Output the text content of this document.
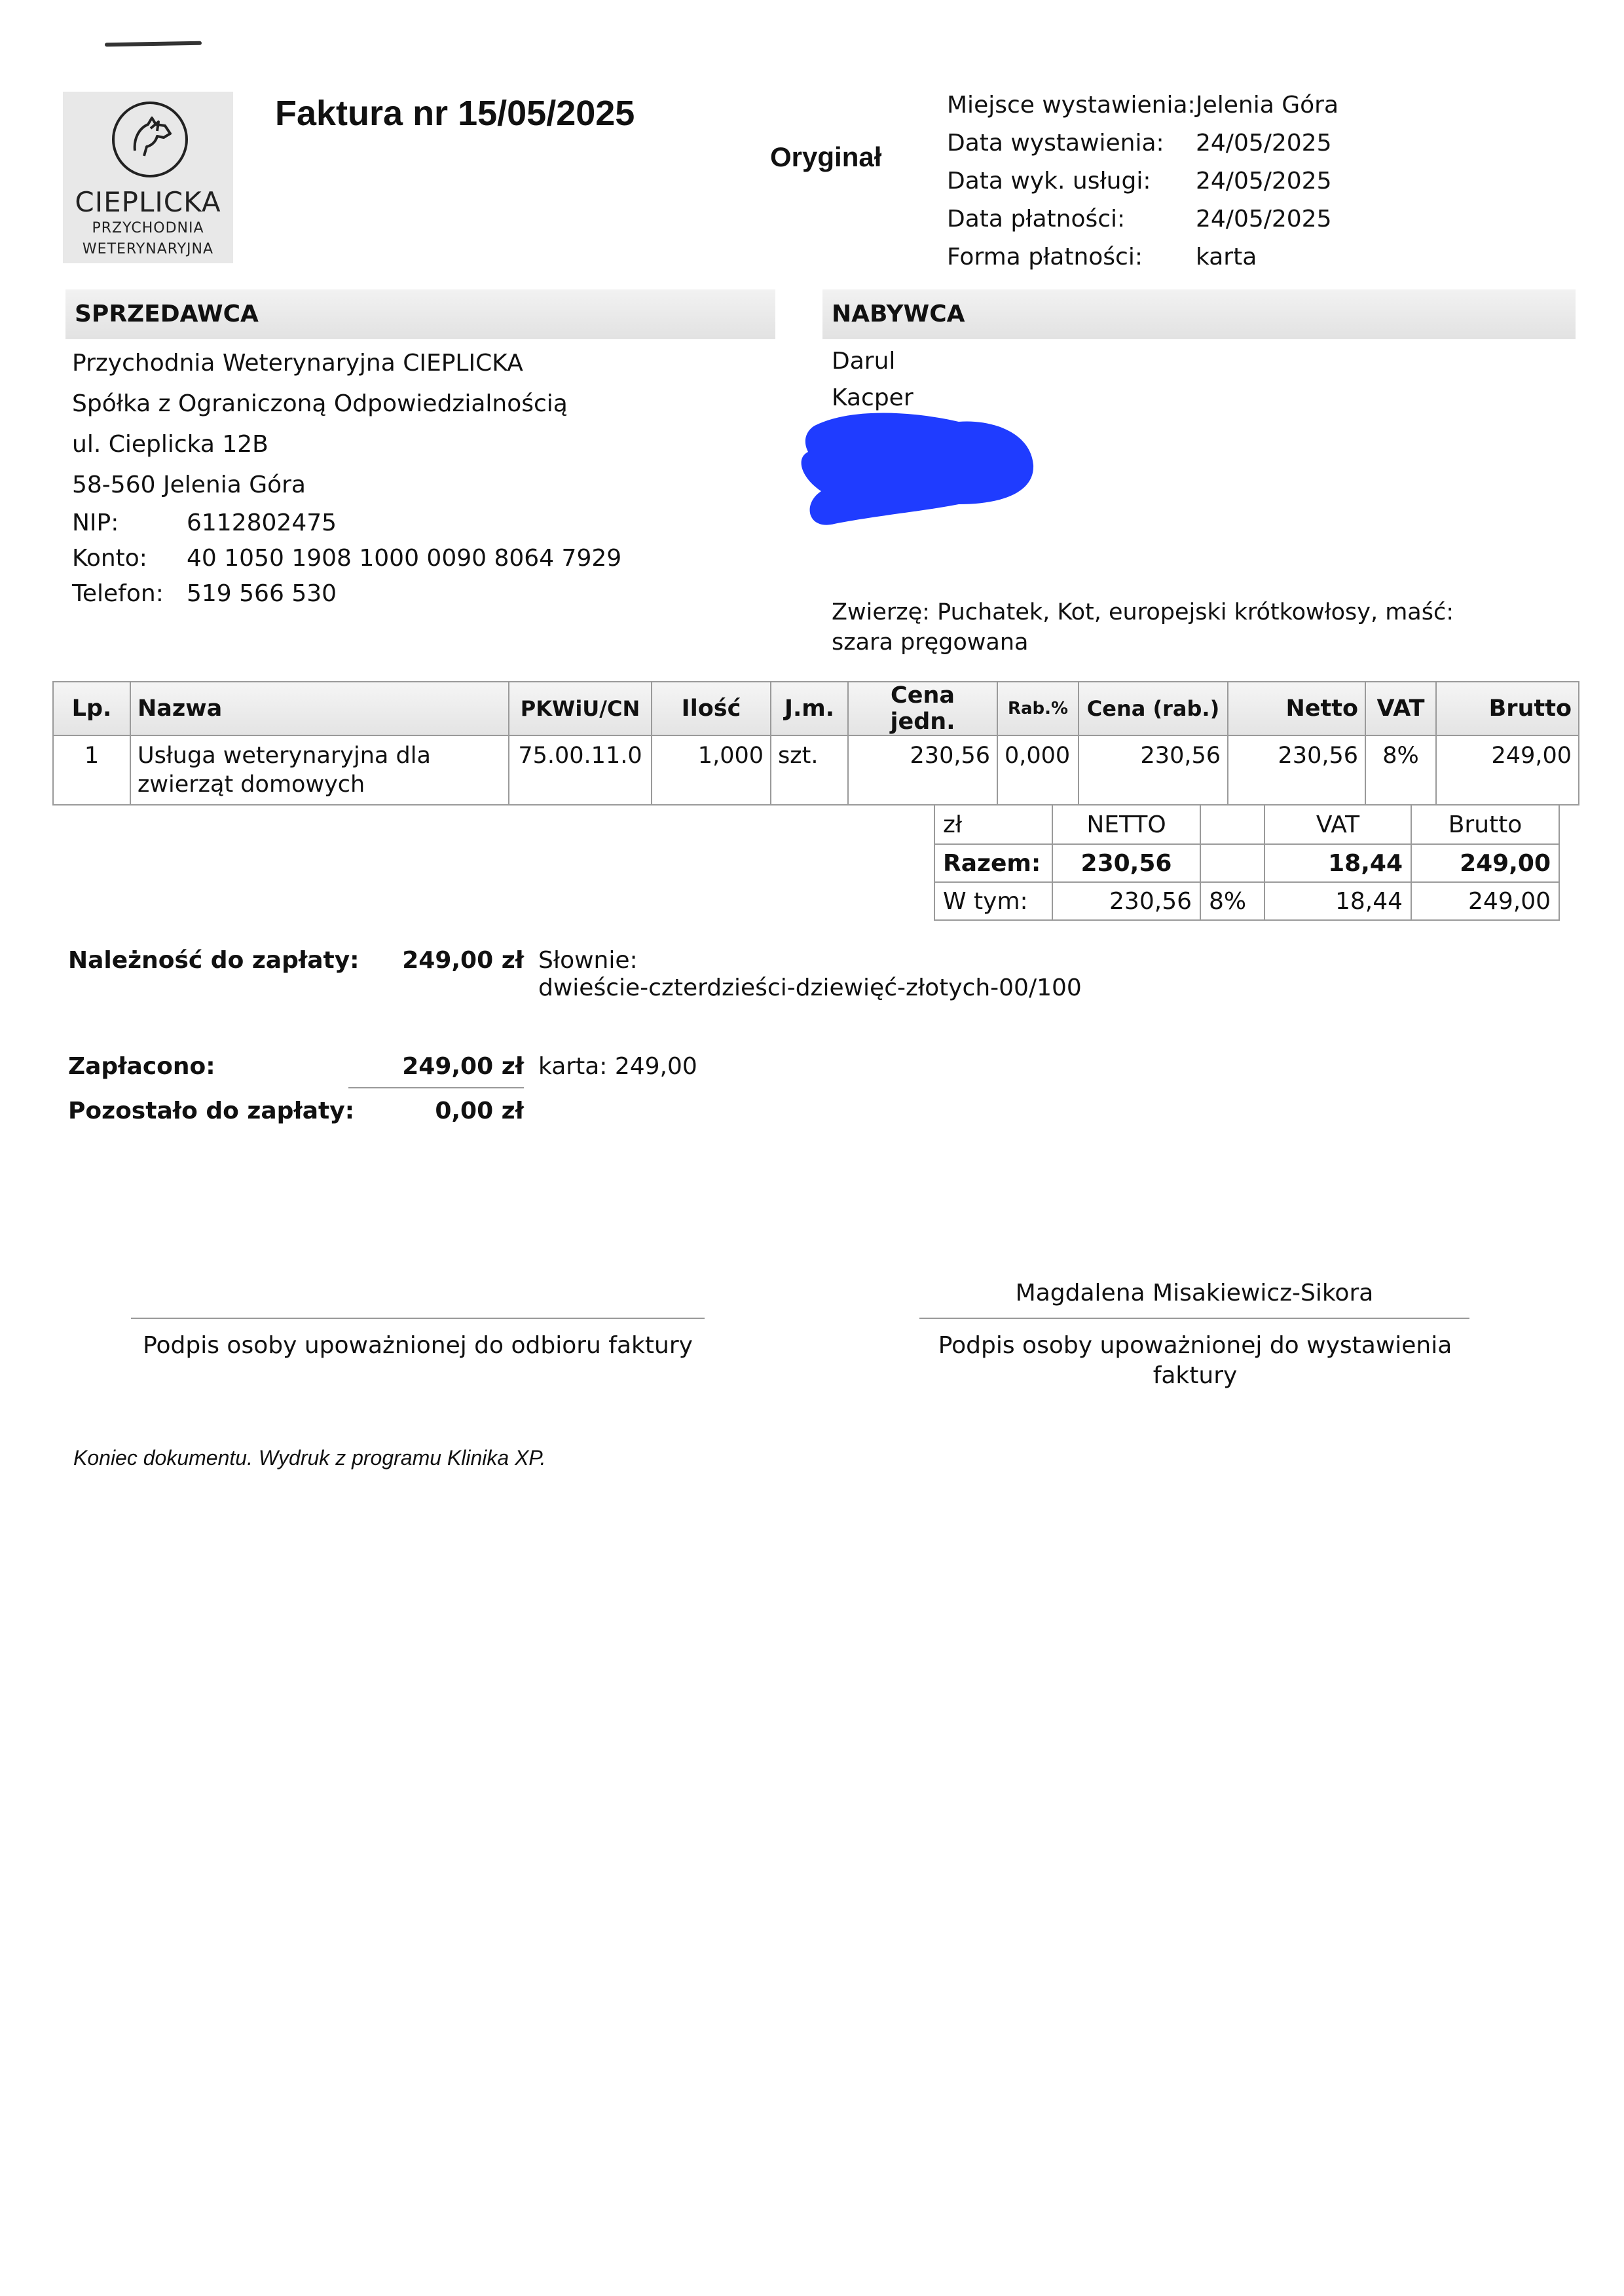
CIEPLICKA
PRZYCHODNIA
WETERYNARYJNA
Faktura nr 15/05/2025
Oryginał
Miejsce wystawienia: Jelenia Góra
Data wystawienia:	24/05/2025
Data wyk. usługi:	24/05/2025
Data płatności:	24/05/2025
Forma płatności:	karta
SPRZEDAWCA	NABYWCA
Przychodnia Weterynaryjna CIEPLICKA
Spółka z Ograniczoną Odpowiedzialnością
ul. Cieplicka 12B
58-560 Jelenia Góra
NIP:	6112802475
Konto:	40 1050 1908 1000 0090 8064 7929
Telefon: 519 566 530
Darul
Kacper
Zwierzę: Puchatek, Kot, europejski krótkowłosy, maść: szara pręgowana
Lp.	Nazwa	PKWiU/CN	Ilość	J.m.	Cena jedn.	Rab.%	Cena (rab.)	Netto	VAT	Brutto
1	Usługa weterynaryjna dla zwierząt domowych	75.00.11.0	1,000	szt.	230,56	0,000	230,56	230,56	8%	249,00
zł	NETTO		VAT	Brutto
Razem:	230,56		18,44	249,00
W tym:	230,56	8%	18,44	249,00
Należność do zapłaty:	249,00 zł Słownie:
dwieście-czterdzieści-dziewięć-złotych-00/100
Zapłacono:	249,00 zł karta: 249,00
Pozostało do zapłaty:	0,00 zł
Podpis osoby upoważnionej do odbioru faktury
Magdalena Misakiewicz-Sikora
Podpis osoby upoważnionej do wystawienia faktury
Koniec dokumentu. Wydruk z programu Klinika XP.
